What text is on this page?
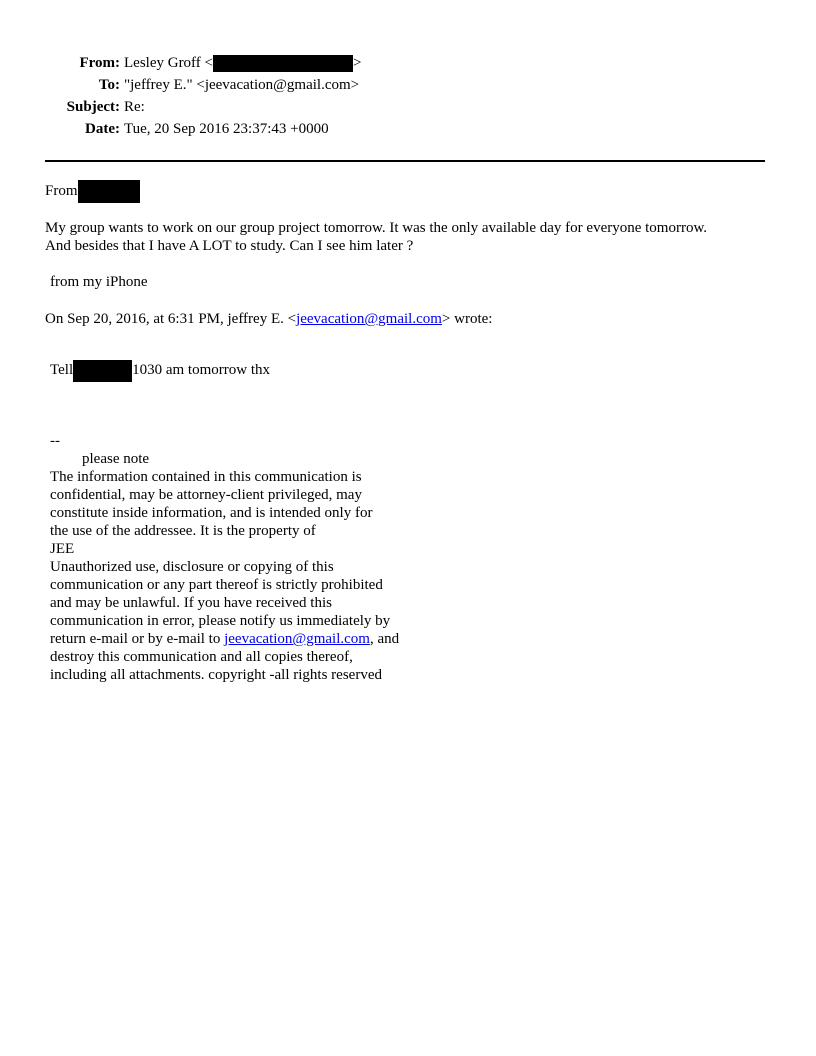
From: Lesley Groff <	>
To: "jeffrey E." <jeevacation@gmail.com>
Subject: Re:
Date: Tue, 20 Sep 2016 23:37:43 +0000
From
My group wants to work on our group project tomorrow. It was the only available day for everyone tomorrow.
And besides that I have A LOT to study. Can I see him later ?
from my iPhone
On Sep 20, 2016, at 6:31 PM, jeffrey E. <jeevacation@gmail.com> wrote:
Tell	1030 am tomorrow thx
--
please note
The information contained in this communication is
confidential, may be attorney-client privileged, may
constitute inside information, and is intended only for
the use of the addressee. It is the property of
JEE
Unauthorized use, disclosure or copying of this
communication or any part thereof is strictly prohibited
and may be unlawful. If you have received this
communication in error, please notify us immediately by
return e-mail or by e-mail to jeevacation@gmail.com, and
destroy this communication and all copies thereof,
including all attachments. copyright -all rights reserved
